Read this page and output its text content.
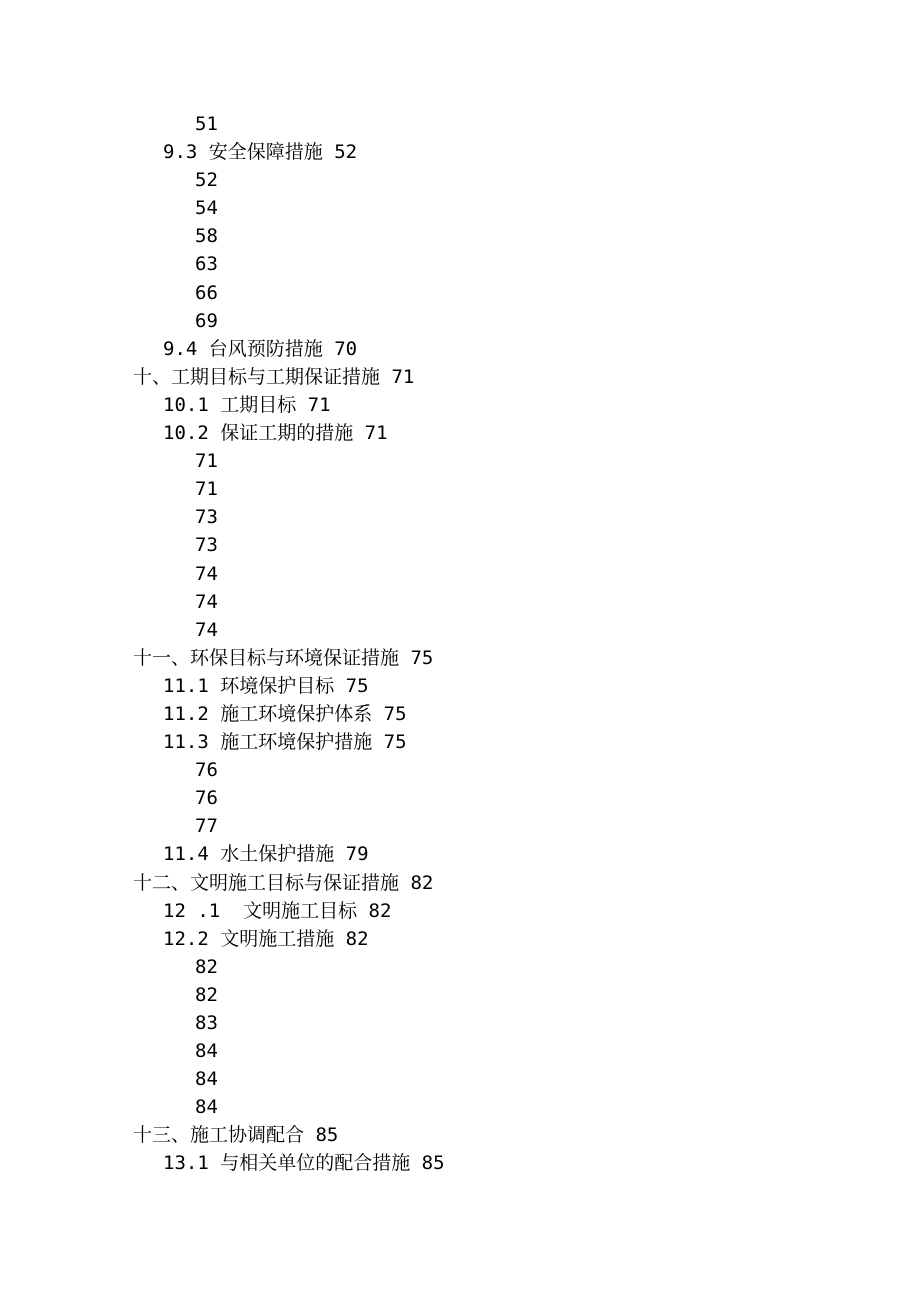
51
9.3 安全保障措施 52
52
54
58
63
66
69
9.4 台风预防措施 70
十、工期目标与工期保证措施 71
10.1 工期目标 71
10.2 保证工期的措施 71
71
71
73
73
74
74
74
十一、环保目标与环境保证措施 75
11.1 环境保护目标 75
11.2 施工环境保护体系 75
11.3 施工环境保护措施 75
76
76
77
11.4 水土保护措施 79
十二、文明施工目标与保证措施 82
12 .1  文明施工目标 82
12.2 文明施工措施 82
82
82
83
84
84
84
十三、施工协调配合 85
13.1 与相关单位的配合措施 85
